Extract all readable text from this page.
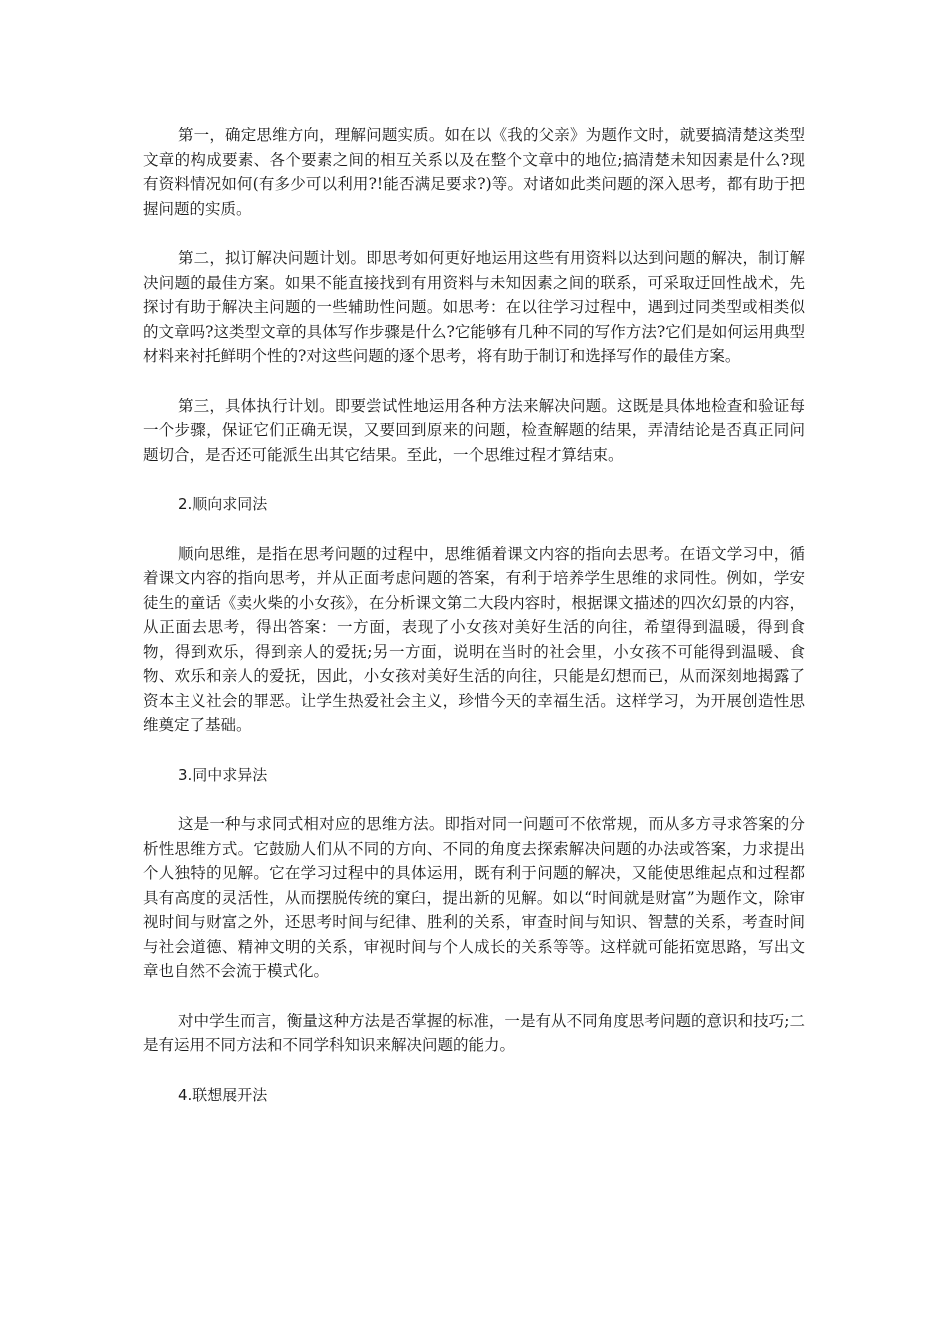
第一，确定思维方向，理解问题实质。如在以《我的父亲》为题作文时，就要搞清楚这类型文章的构成要素、各个要素之间的相互关系以及在整个文章中的地位;搞清楚未知因素是什么?现有资料情况如何(有多少可以利用?!能否满足要求?)等。对诸如此类问题的深入思考，都有助于把握问题的实质。

第二，拟订解决问题计划。即思考如何更好地运用这些有用资料以达到问题的解决，制订解决问题的最佳方案。如果不能直接找到有用资料与未知因素之间的联系，可采取迂回性战术，先探讨有助于解决主问题的一些辅助性问题。如思考：在以往学习过程中，遇到过同类型或相类似的文章吗?这类型文章的具体写作步骤是什么?它能够有几种不同的写作方法?它们是如何运用典型材料来衬托鲜明个性的?对这些问题的逐个思考，将有助于制订和选择写作的最佳方案。

第三，具体执行计划。即要尝试性地运用各种方法来解决问题。这既是具体地检查和验证每一个步骤，保证它们正确无误，又要回到原来的问题，检查解题的结果，弄清结论是否真正同问题切合，是否还可能派生出其它结果。至此，一个思维过程才算结束。

2.顺向求同法

顺向思维，是指在思考问题的过程中，思维循着课文内容的指向去思考。在语文学习中，循着课文内容的指向思考，并从正面考虑问题的答案，有利于培养学生思维的求同性。例如，学安徒生的童话《卖火柴的小女孩》，在分析课文第二大段内容时，根据课文描述的四次幻景的内容，从正面去思考，得出答案：一方面，表现了小女孩对美好生活的向往，希望得到温暖，得到食物，得到欢乐，得到亲人的爱抚;另一方面，说明在当时的社会里，小女孩不可能得到温暖、食物、欢乐和亲人的爱抚，因此，小女孩对美好生活的向往，只能是幻想而已，从而深刻地揭露了资本主义社会的罪恶。让学生热爱社会主义，珍惜今天的幸福生活。这样学习，为开展创造性思维奠定了基础。

3.同中求异法

这是一种与求同式相对应的思维方法。即指对同一问题可不依常规，而从多方寻求答案的分析性思维方式。它鼓励人们从不同的方向、不同的角度去探索解决问题的办法或答案，力求提出个人独特的见解。它在学习过程中的具体运用，既有利于问题的解决，又能使思维起点和过程都具有高度的灵活性，从而摆脱传统的窠臼，提出新的见解。如以“时间就是财富”为题作文，除审视时间与财富之外，还思考时间与纪律、胜利的关系，审查时间与知识、智慧的关系，考查时间与社会道德、精神文明的关系，审视时间与个人成长的关系等等。这样就可能拓宽思路，写出文章也自然不会流于模式化。

对中学生而言，衡量这种方法是否掌握的标准，一是有从不同角度思考问题的意识和技巧;二是有运用不同方法和不同学科知识来解决问题的能力。

4.联想展开法
